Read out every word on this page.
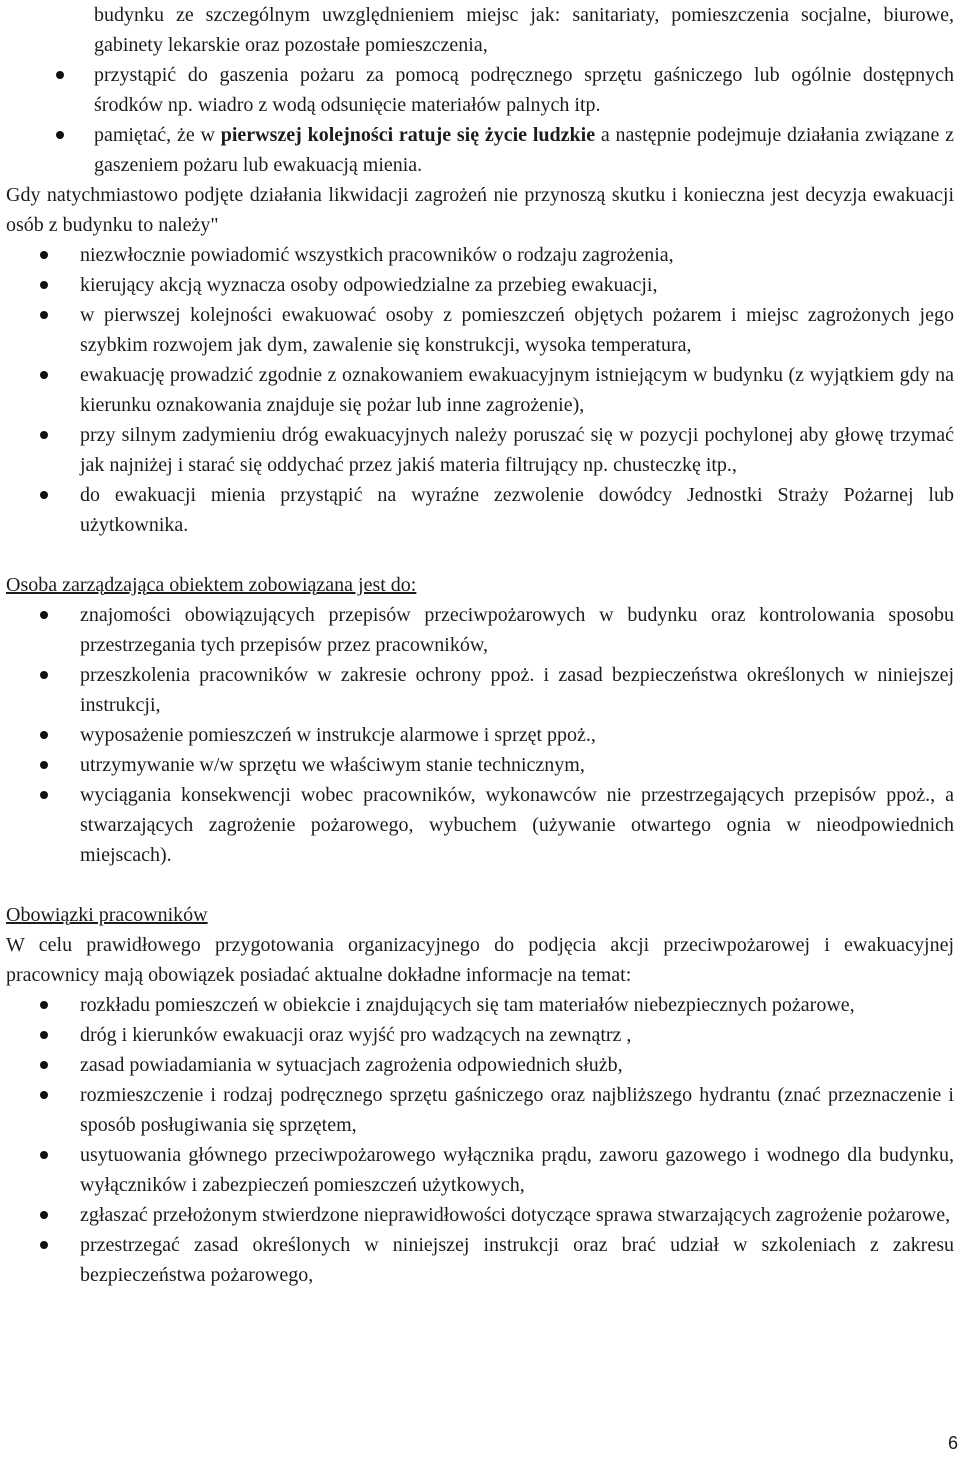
budynku ze szczególnym uwzględnieniem miejsc jak: sanitariaty, pomieszczenia socjalne, biurowe, gabinety lekarskie oraz pozostałe pomieszczenia,

przystąpić do gaszenia pożaru za pomocą podręcznego sprzętu gaśniczego lub ogólnie dostępnych środków np. wiadro z wodą odsunięcie materiałów palnych itp.
pamiętać, że w pierwszej kolejności ratuje się życie ludzkie a następnie podejmuje działania związane z gaszeniem pożaru lub ewakuacją mienia.

Gdy natychmiastowo podjęte działania likwidacji zagrożeń nie przynoszą skutku i konieczna jest decyzja ewakuacji osób z budynku to należy"

niezwłocznie powiadomić wszystkich pracowników o rodzaju zagrożenia,
kierujący akcją wyznacza osoby odpowiedzialne za przebieg ewakuacji,
w pierwszej kolejności ewakuować osoby z pomieszczeń objętych pożarem i miejsc zagrożonych jego szybkim rozwojem jak dym, zawalenie się konstrukcji, wysoka temperatura,
ewakuację prowadzić zgodnie z oznakowaniem ewakuacyjnym istniejącym w budynku (z wyjątkiem gdy na kierunku oznakowania znajduje się pożar lub inne zagrożenie),
przy silnym zadymieniu dróg ewakuacyjnych należy poruszać się w pozycji pochylonej aby głowę trzymać jak najniżej i starać się oddychać przez jakiś materia filtrujący np. chusteczkę itp.,
do ewakuacji mienia przystąpić na wyraźne zezwolenie dowódcy Jednostki Straży Pożarnej lub użytkownika.

Osoba zarządzająca obiektem zobowiązana jest do:

znajomości obowiązujących przepisów przeciwpożarowych w budynku oraz kontrolowania sposobu przestrzegania tych przepisów przez pracowników,
przeszkolenia pracowników w zakresie ochrony ppoż. i zasad bezpieczeństwa określonych w niniejszej instrukcji,
wyposażenie pomieszczeń w instrukcje alarmowe i sprzęt ppoż.,
utrzymywanie w/w sprzętu we właściwym stanie technicznym,
wyciągania konsekwencji wobec pracowników, wykonawców nie przestrzegających przepisów ppoż., a stwarzających zagrożenie pożarowego, wybuchem (używanie otwartego ognia w nieodpowiednich miejscach).

Obowiązki pracowników

W celu prawidłowego przygotowania organizacyjnego do podjęcia akcji przeciwpożarowej i ewakuacyjnej pracownicy mają obowiązek posiadać aktualne dokładne informacje na temat:

rozkładu pomieszczeń w obiekcie i znajdujących się tam materiałów niebezpiecznych pożarowe,
dróg i kierunków ewakuacji oraz wyjść pro wadzących na zewnątrz ,
zasad powiadamiania w sytuacjach zagrożenia odpowiednich służb,
rozmieszczenie i rodzaj podręcznego sprzętu gaśniczego oraz najbliższego hydrantu (znać przeznaczenie i sposób posługiwania się sprzętem,
usytuowania głównego przeciwpożarowego wyłącznika prądu, zaworu gazowego i wodnego dla budynku, wyłączników i zabezpieczeń pomieszczeń użytkowych,
zgłaszać przełożonym stwierdzone nieprawidłowości dotyczące sprawa stwarzających zagrożenie pożarowe,
przestrzegać zasad określonych w niniejszej instrukcji oraz brać udział w szkoleniach z zakresu bezpieczeństwa pożarowego,
6
